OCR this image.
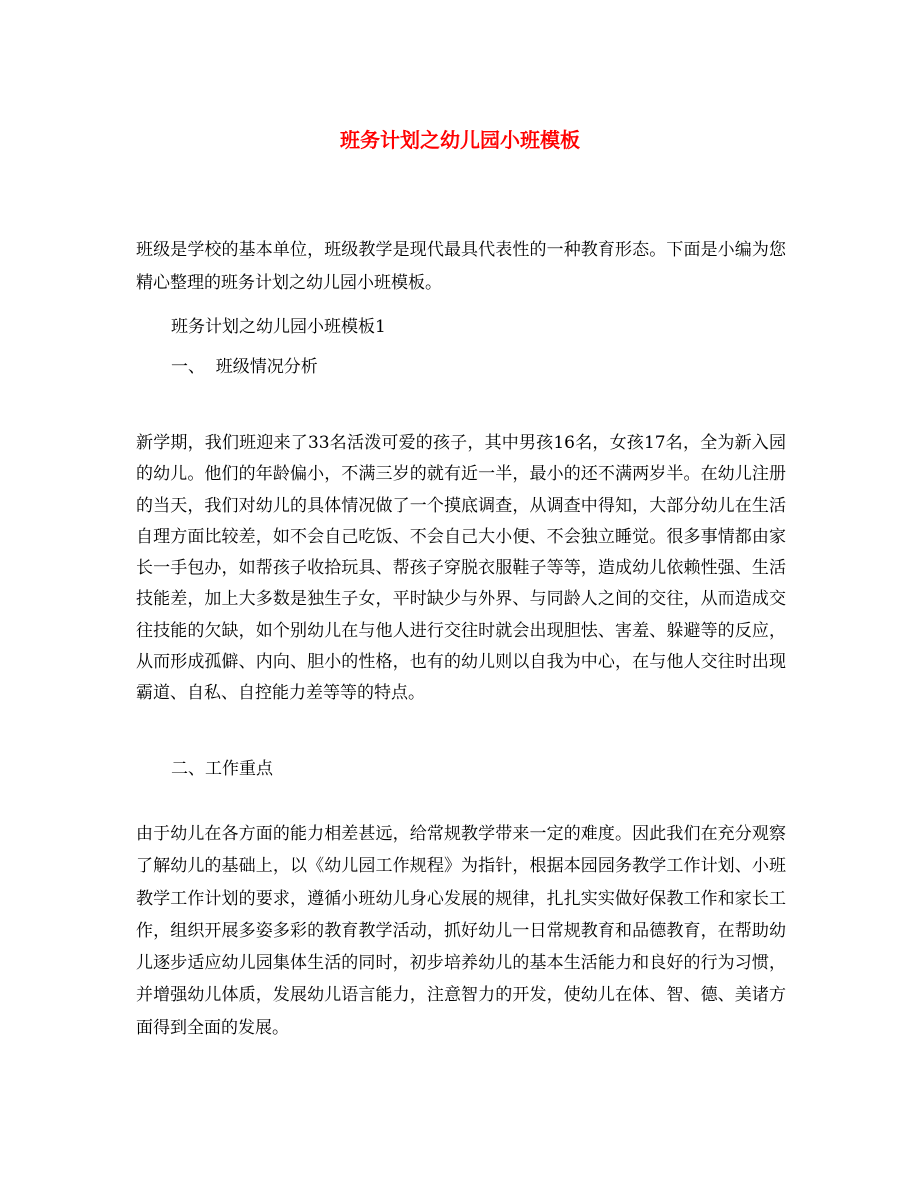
班务计划之幼儿园小班模板

班级是学校的基本单位，班级教学是现代最具代表性的一种教育形态。下面是小编为您精心整理的班务计划之幼儿园小班模板。

班务计划之幼儿园小班模板1

一、  班级情况分析

新学期，我们班迎来了33名活泼可爱的孩子，其中男孩16名，女孩17名，全为新入园的幼儿。他们的年龄偏小，不满三岁的就有近一半，最小的还不满两岁半。在幼儿注册的当天，我们对幼儿的具体情况做了一个摸底调查，从调查中得知，大部分幼儿在生活自理方面比较差，如不会自己吃饭、不会自己大小便、不会独立睡觉。很多事情都由家长一手包办，如帮孩子收拾玩具、帮孩子穿脱衣服鞋子等等，造成幼儿依赖性强、生活技能差，加上大多数是独生子女，平时缺少与外界、与同龄人之间的交往，从而造成交往技能的欠缺，如个别幼儿在与他人进行交往时就会出现胆怯、害羞、躲避等的反应，从而形成孤僻、内向、胆小的性格，也有的幼儿则以自我为中心，在与他人交往时出现霸道、自私、自控能力差等等的特点。

二、工作重点

由于幼儿在各方面的能力相差甚远，给常规教学带来一定的难度。因此我们在充分观察了解幼儿的基础上，以《幼儿园工作规程》为指针，根据本园园务教学工作计划、小班教学工作计划的要求，遵循小班幼儿身心发展的规律，扎扎实实做好保教工作和家长工作，组织开展多姿多彩的教育教学活动，抓好幼儿一日常规教育和品德教育，在帮助幼儿逐步适应幼儿园集体生活的同时，初步培养幼儿的基本生活能力和良好的行为习惯，并增强幼儿体质，发展幼儿语言能力，注意智力的开发，使幼儿在体、智、德、美诸方面得到全面的发展。
